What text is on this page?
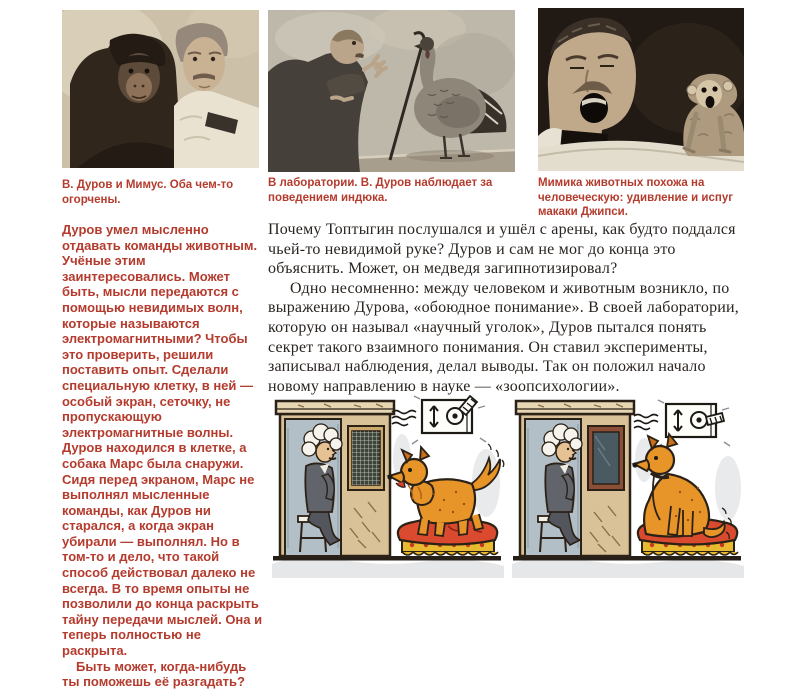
В. Дуров и Мимус. Оба чем-то огорчены.
В лаборатории. В. Дуров наблюдает за поведением индюка.
Мимика животных похожа на человеческую: удивление и испуг макаки Джипси.

Дуров умел мысленно отдавать команды животным. Учёные этим заинтересовались. Может быть, мысли передаются с помощью невидимых волн, которые называются электромагнитными? Чтобы это проверить, решили поставить опыт. Сделали специальную клетку, в ней — особый экран, сеточку, не пропускающую электромагнитные волны. Дуров находился в клетке, а собака Марс была снаружи. Сидя перед экраном, Марс не выполнял мысленные команды, как Дуров ни старался, а когда экран убирали — выполнял. Но в том-то и дело, что такой способ действовал далеко не всегда. В то время опыты не позволили до конца раскрыть тайну передачи мыслей. Она и теперь полностью не раскрыта.

Быть может, когда-нибудь ты поможешь её разгадать?

Почему Топтыгин послушался и ушёл с арены, как будто поддался чьей-то невидимой руке? Дуров и сам не мог до конца это объяснить. Может, он медведя загипнотизировал?

Одно несомненно: между человеком и животным возникло, по выражению Дурова, «обоюдное понимание». В своей лаборатории, которую он называл «научный уголок», Дуров пытался понять секрет такого взаимного понимания. Он ставил эксперименты, записывал наблюдения, делал выводы. Так он положил начало новому направлению в науке — «зоопсихологии».
